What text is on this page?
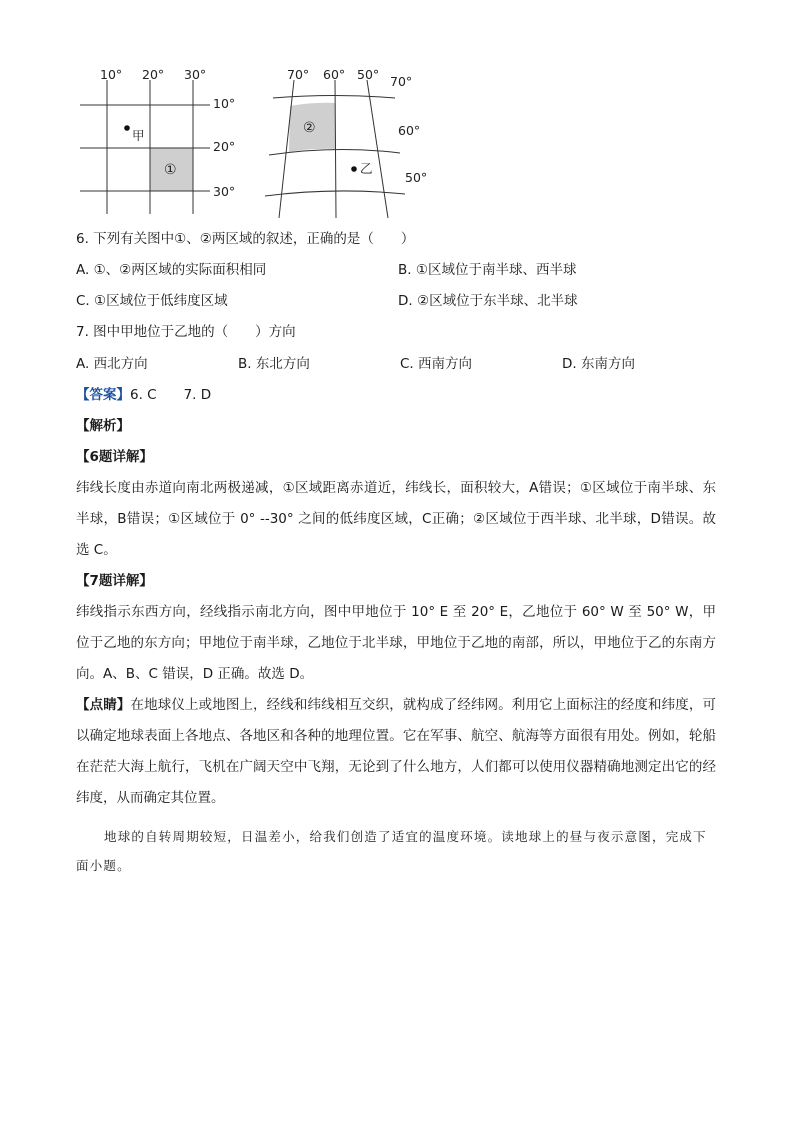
10° 20° 30°
10°
20°
30°
甲
①
70° 60° 50° 70°
60°
50°
乙
②
6. 下列有关图中①、②两区域的叙述，正确的是（　　）
A. ①、②两区域的实际面积相同	B. ①区域位于南半球、西半球
C. ①区域位于低纬度区域	D. ②区域位于东半球、北半球
7. 图中甲地位于乙地的（　　）方向
A. 西北方向	B. 东北方向	C. 西南方向	D. 东南方向
【答案】6. C　　7. D
【解析】
【6题详解】
纬线长度由赤道向南北两极递减，①区域距离赤道近，纬线长，面积较大，A错误；①区域位于南半球、东半球，B错误；①区域位于 0° --30° 之间的低纬度区域，C正确；②区域位于西半球、北半球，D错误。故选 C。
【7题详解】
纬线指示东西方向，经线指示南北方向，图中甲地位于 10° E 至 20° E，乙地位于 60° W 至 50° W，甲位于乙地的东方向；甲地位于南半球，乙地位于北半球，甲地位于乙地的南部，所以，甲地位于乙的东南方向。A、B、C 错误，D 正确。故选 D。
【点睛】在地球仪上或地图上，经线和纬线相互交织，就构成了经纬网。利用它上面标注的经度和纬度，可以确定地球表面上各地点、各地区和各种的地理位置。它在军事、航空、航海等方面很有用处。例如，轮船在茫茫大海上航行，飞机在广阔天空中飞翔，无论到了什么地方，人们都可以使用仪器精确地测定出它的经纬度，从而确定其位置。
地球的自转周期较短，日温差小，给我们创造了适宜的温度环境。读地球上的昼与夜示意图，完成下面小题。
